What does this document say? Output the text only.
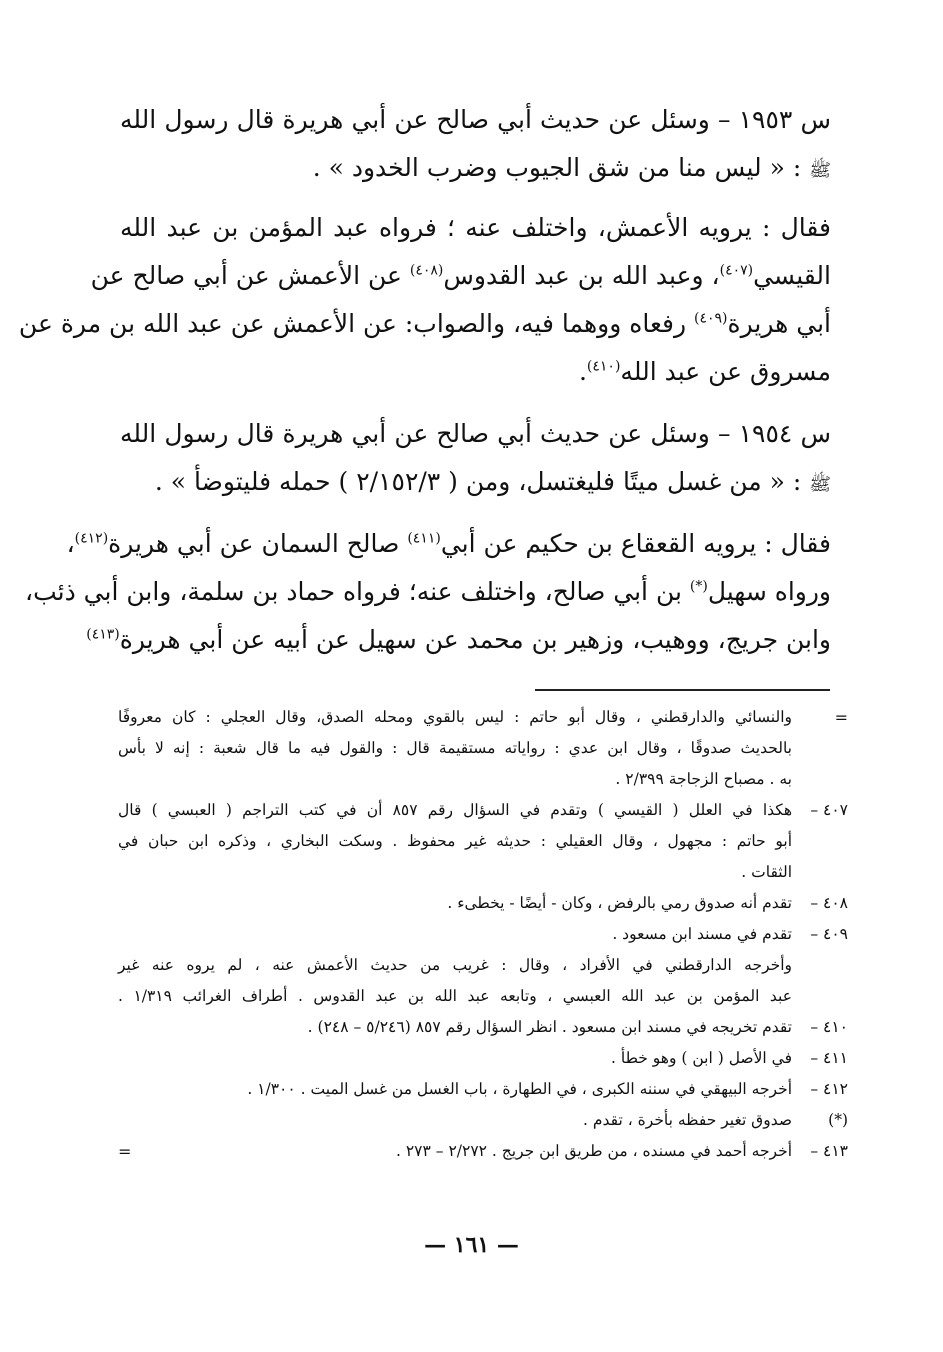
س ١٩٥٣ – وسئل عن حديث أبي صالح عن أبي هريرة قال رسول الله
ﷺ : « ليس منا من شق الجيوب وضرب الخدود » .
فقال : يرويه الأعمش، واختلف عنه ؛ فرواه عبد المؤمن بن عبد الله
القيسي$^{(٤٠٧)}$، وعبد الله بن عبد القدوس$^{(٤٠٨)}$ عن الأعمش عن أبي صالح عن
أبي هريرة$^{(٤٠٩)}$ رفعاه ووهما فيه، والصواب: عن الأعمش عن عبد الله بن مرة عن
مسروق عن عبد الله$^{(٤١٠)}$.
س ١٩٥٤ – وسئل عن حديث أبي صالح عن أبي هريرة قال رسول الله
ﷺ : « من غسل ميتًا فليغتسل، ومن ( ٢/١٥٢/٣ ) حمله فليتوضأ » .
فقال : يرويه القعقاع بن حكيم عن أبي$^{(٤١١)}$ صالح السمان عن أبي هريرة$^{(٤١٢)}$،
ورواه سهيل(*) بن أبي صالح، واختلف عنه؛ فرواه حماد بن سلمة، وابن أبي ذئب،
وابن جريج، ووهيب، وزهير بن محمد عن سهيل عن أبيه عن أبي هريرة$^{(٤١٣)}$
=
والنسائي والدارقطني ، وقال أبو حاتم : ليس بالقوي ومحله الصدق، وقال العجلي : كان معروفًا
بالحديث صدوقًا ، وقال ابن عدي : رواياته مستقيمة قال : والقول فيه ما قال شعبة : إنه لا بأس
به . مصباح الزجاجة ٢/٣٩٩ .
٤٠٧ –
هكذا في العلل ( القيسي ) وتقدم في السؤال رقم ٨٥٧ أن في كتب التراجم ( العبسي ) قال
أبو حاتم : مجهول ، وقال العقيلي : حديثه غير محفوظ . وسكت البخاري ، وذكره ابن حبان في
الثقات .
٤٠٨ –
تقدم أنه صدوق رمي بالرفض ، وكان - أيضًا - يخطىء .
٤٠٩ –
تقدم في مسند ابن مسعود .
وأخرجه الدارقطني في الأفراد ، وقال : غريب من حديث الأعمش عنه ، لم يروه عنه غير
عبد المؤمن بن عبد الله العبسي ، وتابعه عبد الله بن عبد القدوس . أطراف الغرائب ١/٣١٩ .
٤١٠ –
تقدم تخريجه في مسند ابن مسعود . انظر السؤال رقم ٨٥٧ (٥/٢٤٦ – ٢٤٨) .
٤١١ –
في الأصل ( ابن ) وهو خطأ .
٤١٢ –
أخرجه البيهقي في سننه الكبرى ، في الطهارة ، باب الغسل من غسل الميت . ١/٣٠٠ .
(*)
صدوق تغير حفظه بأخرة ، تقدم .
٤١٣ –
أخرجه أحمد في مسنده ، من طريق ابن جريج . ٢/٢٧٢ – ٢٧٣ .
=
— ١٦١ —
